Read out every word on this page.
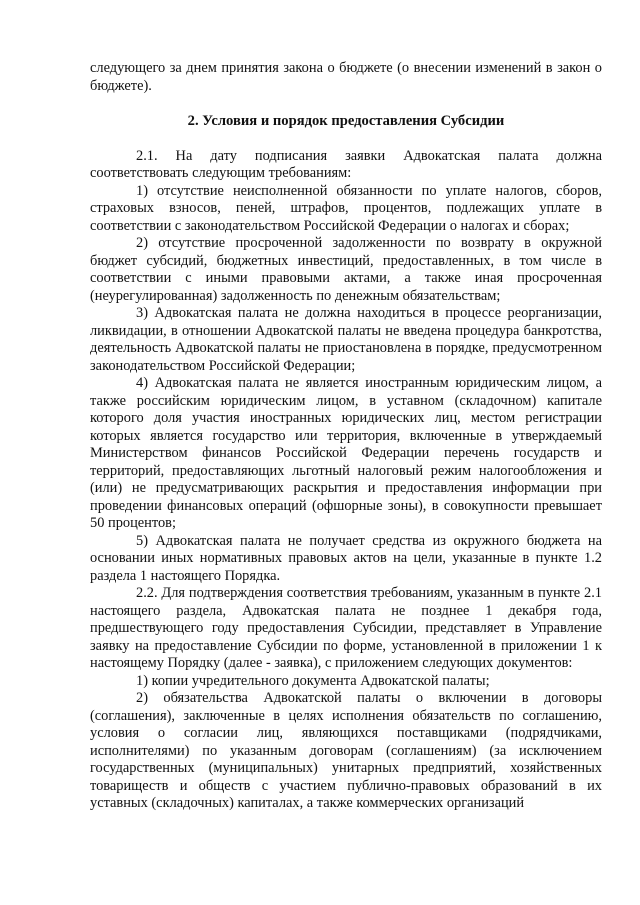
следующего за днем принятия закона о бюджете (о внесении изменений в закон о бюджете).

2. Условия и порядок предоставления Субсидии

2.1. На дату подписания заявки Адвокатская палата должна соответствовать следующим требованиям:

1) отсутствие неисполненной обязанности по уплате налогов, сборов, страховых взносов, пеней, штрафов, процентов, подлежащих уплате в соответствии с законодательством Российской Федерации о налогах и сборах;

2) отсутствие просроченной задолженности по возврату в окружной бюджет субсидий, бюджетных инвестиций, предоставленных, в том числе в соответствии с иными правовыми актами, а также иная просроченная (неурегулированная) задолженность по денежным обязательствам;

3) Адвокатская палата не должна находиться в процессе реорганизации, ликвидации, в отношении Адвокатской палаты не введена процедура банкротства, деятельность Адвокатской палаты не приостановлена в порядке, предусмотренном законодательством Российской Федерации;

4) Адвокатская палата не является иностранным юридическим лицом, а также российским юридическим лицом, в уставном (складочном) капитале которого доля участия иностранных юридических лиц, местом регистрации которых является государство или территория, включенные в утверждаемый Министерством финансов Российской Федерации перечень государств и территорий, предоставляющих льготный налоговый режим налогообложения и (или) не предусматривающих раскрытия и предоставления информации при проведении финансовых операций (офшорные зоны), в совокупности превышает 50 процентов;

5) Адвокатская палата не получает средства из окружного бюджета на основании иных нормативных правовых актов на цели, указанные в пункте 1.2 раздела 1 настоящего Порядка.

2.2. Для подтверждения соответствия требованиям, указанным в пункте 2.1 настоящего раздела, Адвокатская палата не позднее 1 декабря года, предшествующего году предоставления Субсидии, представляет в Управление заявку на предоставление Субсидии по форме, установленной в приложении 1 к настоящему Порядку (далее - заявка), с приложением следующих документов:

1) копии учредительного документа Адвокатской палаты;

2) обязательства Адвокатской палаты о включении в договоры (соглашения), заключенные в целях исполнения обязательств по соглашению, условия о согласии лиц, являющихся поставщиками (подрядчиками, исполнителями) по указанным договорам (соглашениям) (за исключением государственных (муниципальных) унитарных предприятий, хозяйственных товариществ и обществ с участием публично-правовых образований в их уставных (складочных) капиталах, а также коммерческих организаций
